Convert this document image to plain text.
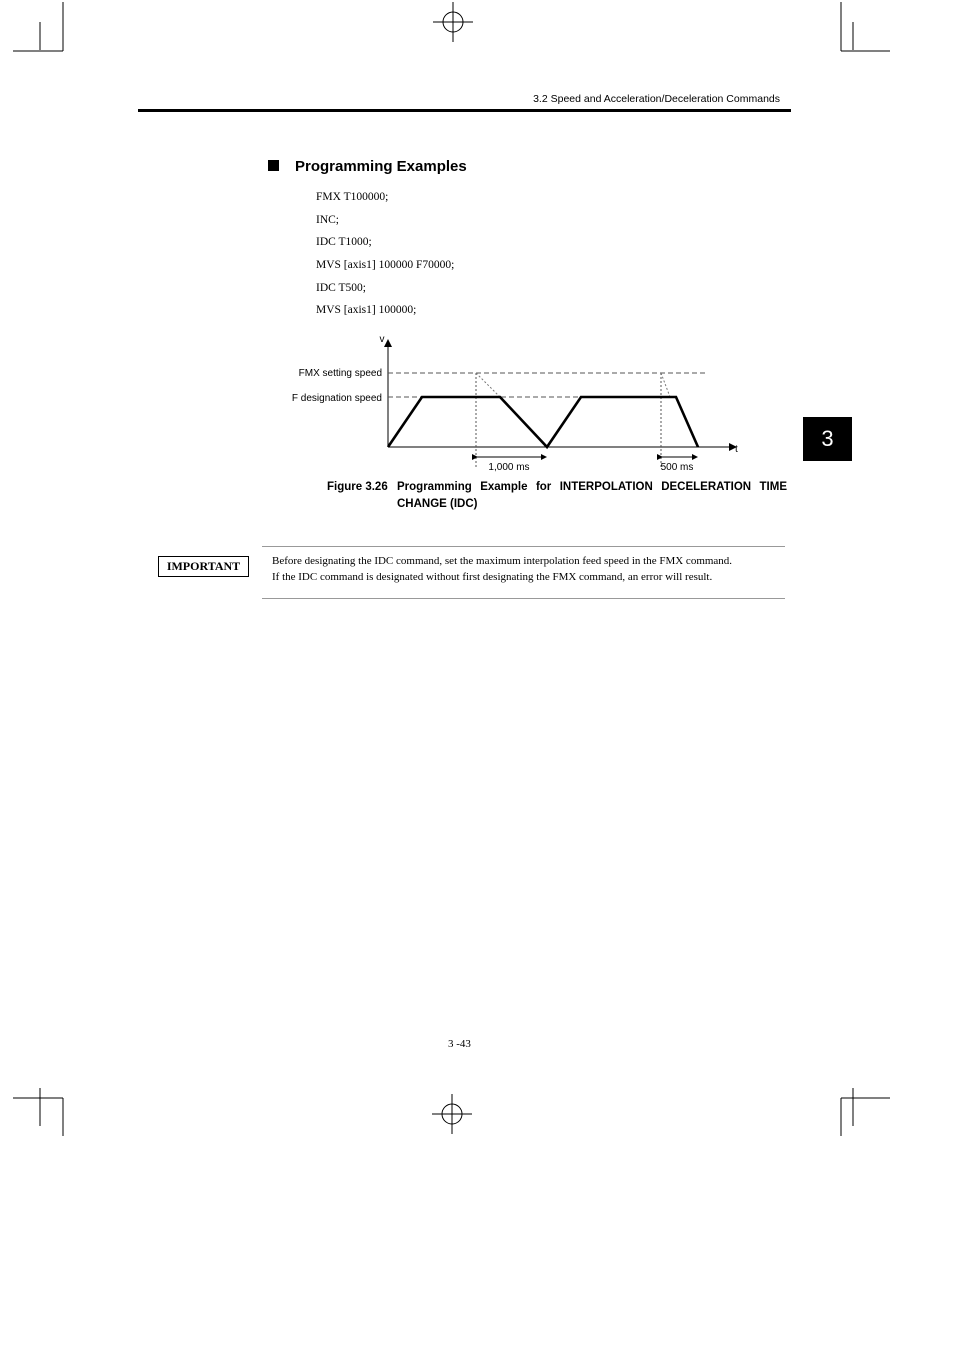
3.2 Speed and Acceleration/Deceleration Commands
Programming Examples
FMX T100000;
INC;
IDC T1000;
MVS [axis1] 100000 F70000;
IDC T500;
MVS [axis1] 100000;
v
t
FMX setting speed
F designation speed
1,000 ms	500 ms
Figure 3.26 Programming Example for INTERPOLATION DECELERATION TIME
CHANGE (IDC)
3
IMPORTANT	Before designating the IDC command, set the maximum interpolation feed speed in the FMX command.
If the IDC command is designated without first designating the FMX command, an error will result.
3 -43
